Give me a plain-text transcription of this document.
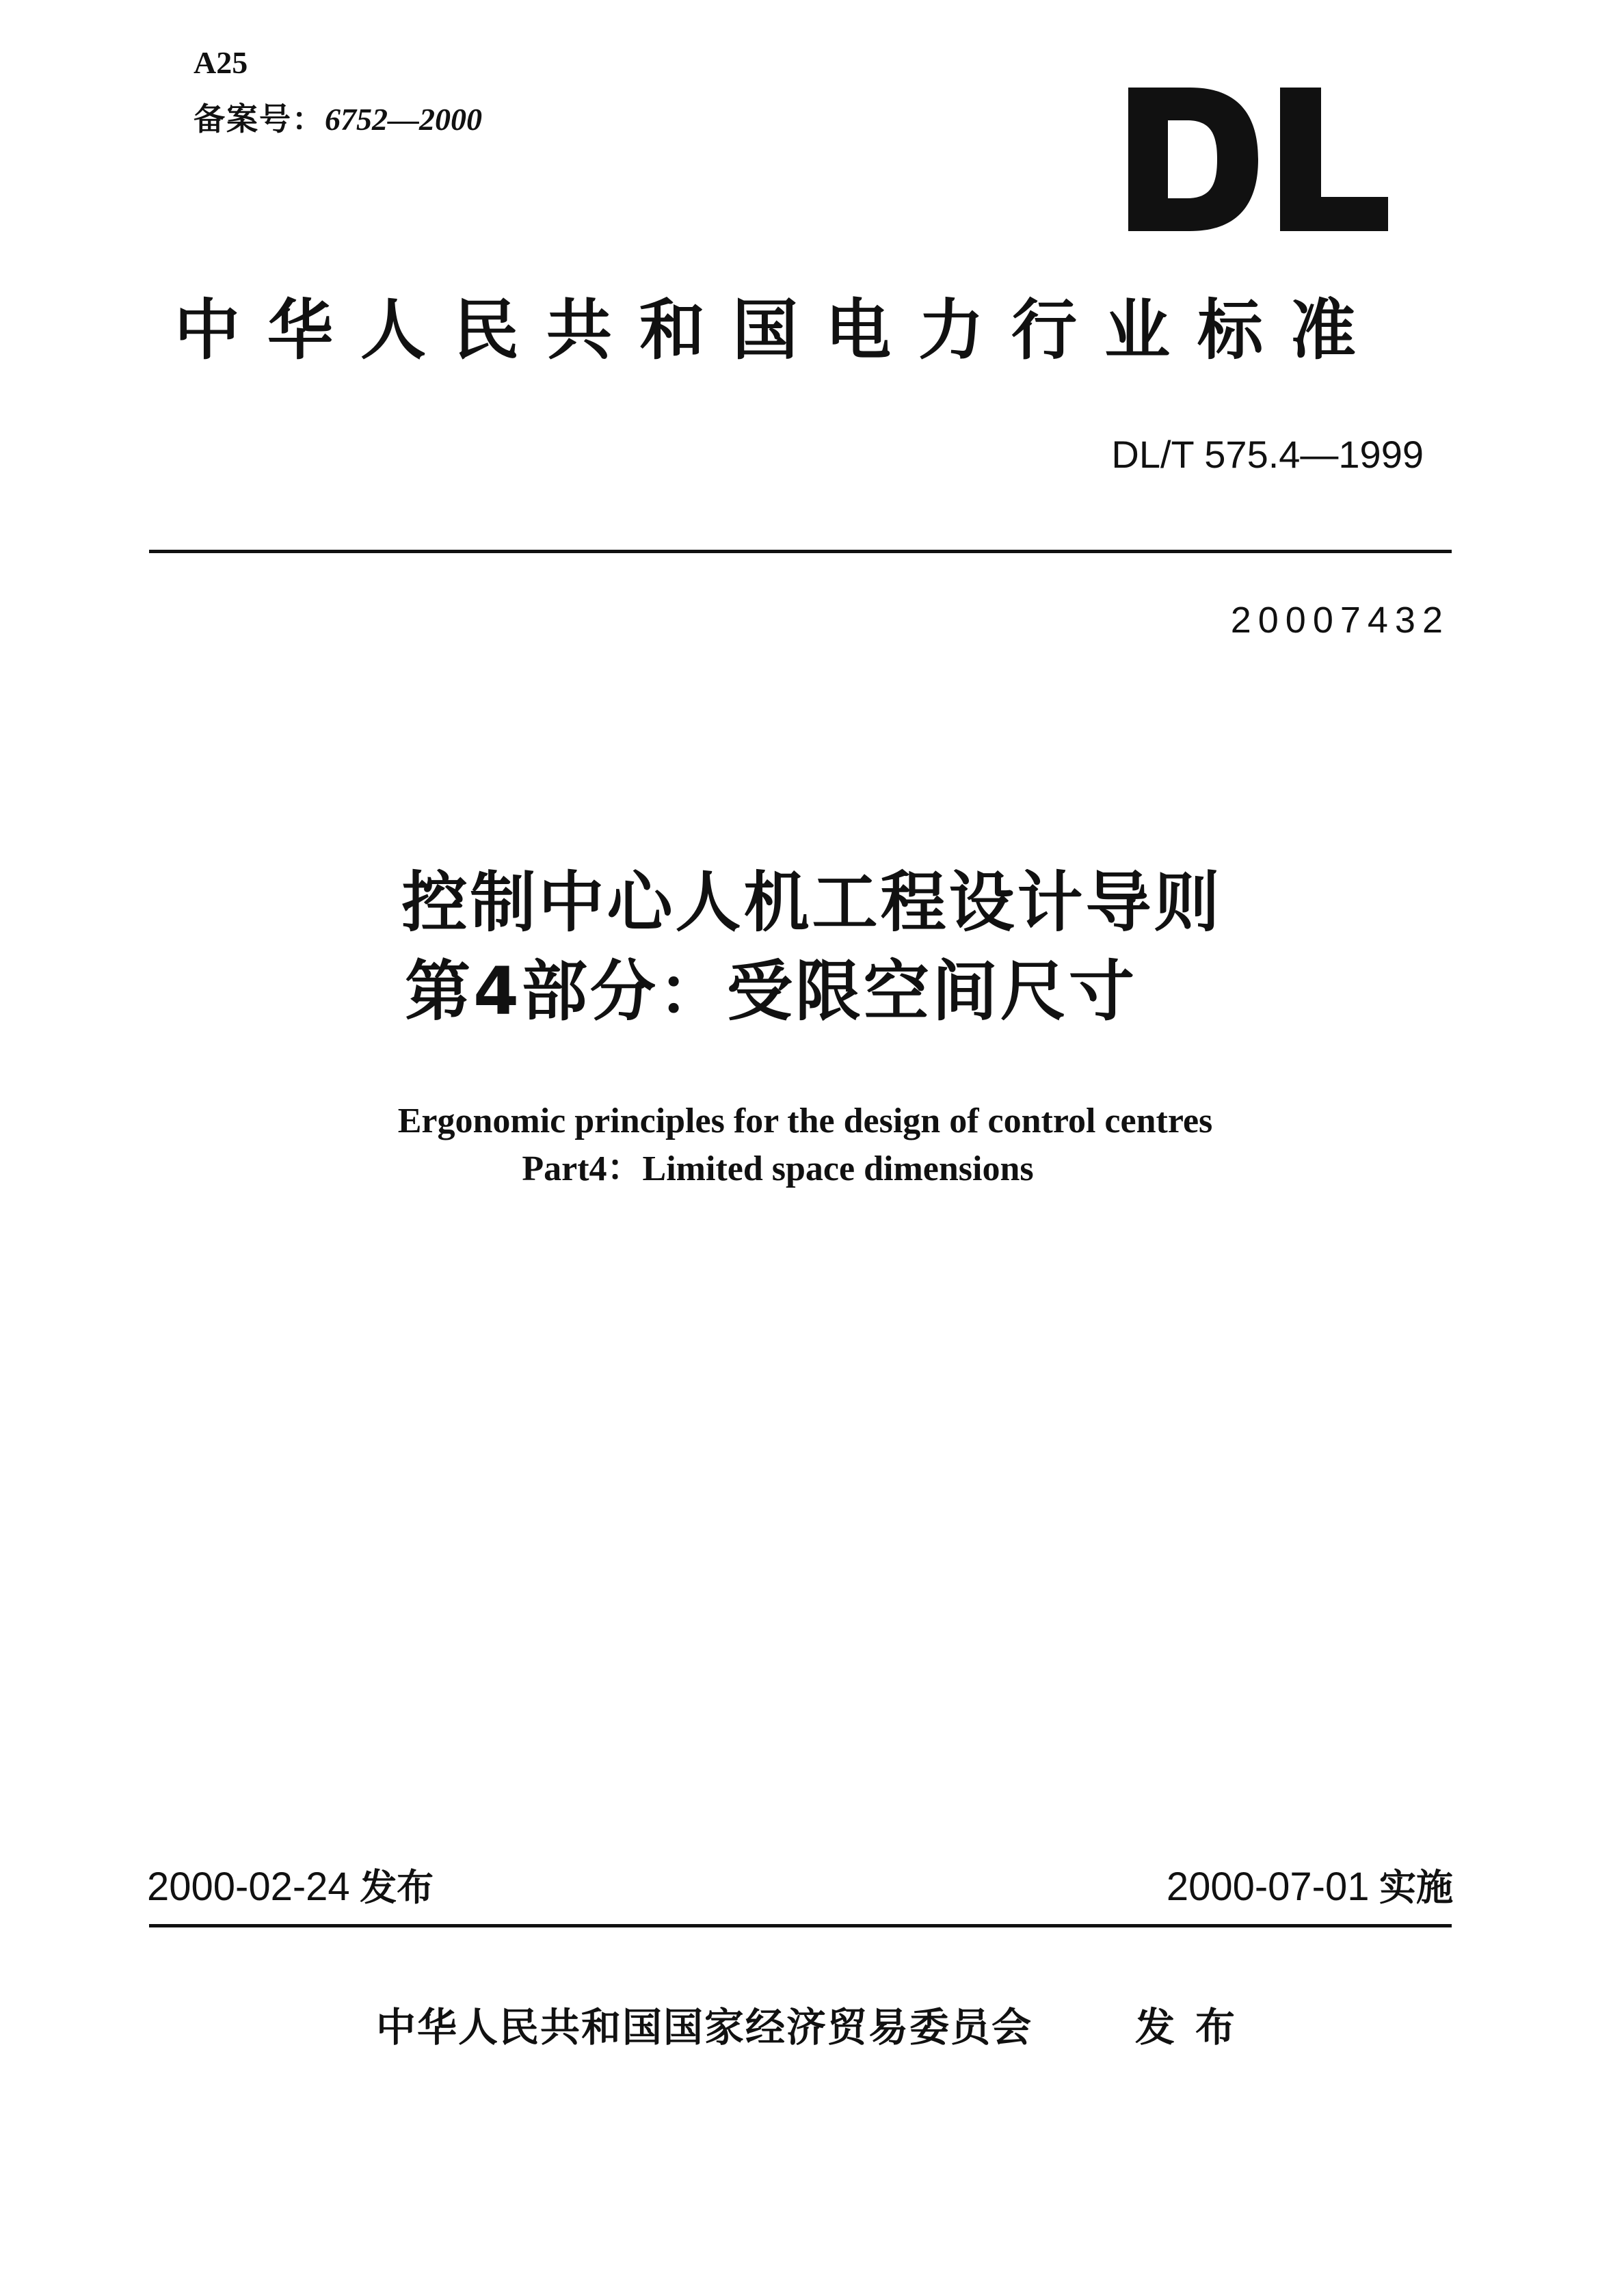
A25
备案号：6752—2000
中华人民共和国电力行业标准
DL/T 575.4—1999
20007432
控制中心人机工程设计导则
第4部分：受限空间尺寸
Ergonomic principles for the design of control centres
Part4：Limited space dimensions
2000-02-24 发布	2000-07-01 实施
中华人民共和国国家经济贸易委员会	发布
